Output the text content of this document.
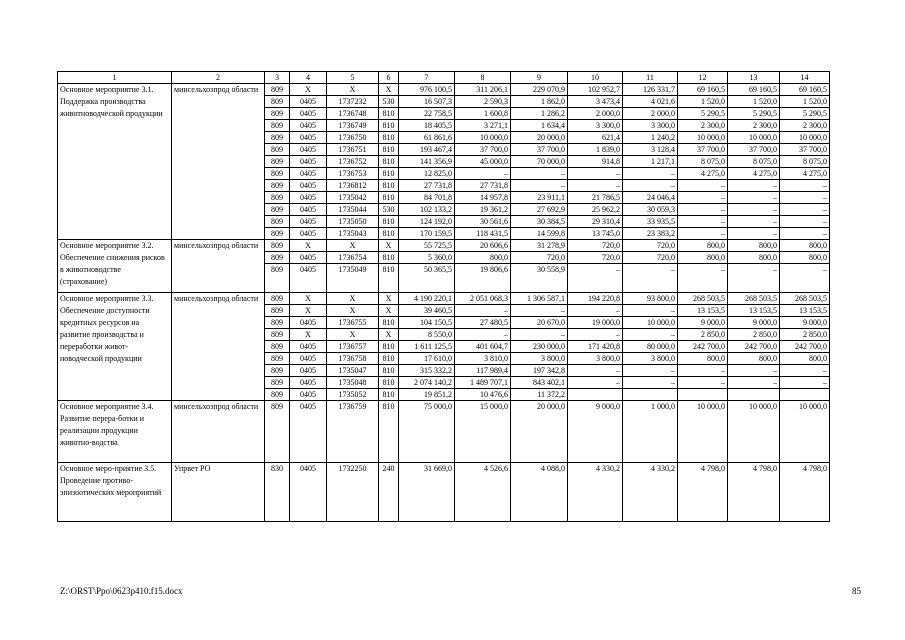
1	2	3	4	5	6	7	8	9	10	11	12	13	14
Основное мероприятие 3.1. Поддержка производства животноводческой продукции	минсельхозпрод области	809	X	X	X	976 100,5	311 206,1	229 070,9	102 952,7	126 331,7	69 160,5	69 160,5	69 160,5
		809	0405	1737232	530	16 507,3	2 590,3	1 862,0	3 473,4	4 021,6	1 520,0	1 520,0	1 520,0
		809	0405	1736748	810	22 758,5	1 600,8	1 286,2	2 000,0	2 000,0	5 290,5	5 290,5	5 290,5
		809	0405	1736749	810	18 405,5	3 271,1	1 634,4	3 300,0	3 300,0	2 300,0	2 300,0	2 300,0
		809	0405	1736750	810	61 861,6	10 000,0	20 000,0	621,4	1 240,2	10 000,0	10 000,0	10 000,0
		809	0405	1736751	810	193 467,4	37 700,0	37 700,0	1 839,0	3 128,4	37 700,0	37 700,0	37 700,0
		809	0405	1736752	810	141 356,9	45 000,0	70 000,0	914,8	1 217,1	8 075,0	8 075,0	8 075,0
		809	0405	1736753	810	12 825,0	–	–	–	–	4 275,0	4 275,0	4 275,0
		809	0405	1736812	810	27 731,8	27 731,8	–	–	–	–	–	–
		809	0405	1735042	810	84 701,8	14 957,8	23 911,1	21 786,5	24 046,4	–	–	–
		809	0405	1735044	530	102 133,2	19 361,2	27 692,9	25 962,2	30 059,3	–	–	–
		809	0405	1735050	810	124 192,0	30 561,6	30 384,5	29 310,4	33 935,5	–	–	–
		809	0405	1735043	810	170 159,5	118 431,5	14 599,8	13 745,0	23 383,2	–	–	–
Основное мероприятие 3.2. Обеспечение снижения рисков в животноводстве (страхование)	минсельхозпрод области	809	X	X	X	55 725,5	20 606,6	31 278,9	720,0	720,0	800,0	800,0	800,0
		809	0405	1736754	810	5 360,0	800,0	720,0	720,0	720,0	800,0	800,0	800,0
		809	0405	1735049	810	50 365,5	19 806,6	30 558,9	–	–	–	–	–
Основное мероприятие 3.3. Обеспечение доступности кредитных ресурсов на развитие производства и переработки живот-новодческой продукции	минсельхозпрод области	809	X	X	X	4 190 220,1	2 051 068,3	1 306 587,1	194 220,8	93 800,0	268 503,5	268 503,5	268 503,5
		809	X	X	X	39 460,5	–	–	–	–	13 153,5	13 153,5	13 153,5
		809	0405	1736755	810	104 150,5	27 480,5	20 670,0	19 000,0	10 000,0	9 000,0	9 000,0	9 000,0
		809	X	X	X	8 550,0	–	–	–	–	2 850,0	2 850,0	2 850,0
		809	0405	1736757	810	1 611 125,5	401 604,7	230 000,0	171 420,8	80 000,0	242 700,0	242 700,0	242 700,0
		809	0405	1736758	810	17 610,0	3 810,0	3 800,0	3 800,0	3 800,0	800,0	800,0	800,0
		809	0405	1735047	810	315 332,2	117 989,4	197 342,8	–	–	–	–	–
		809	0405	1735048	810	2 074 140,2	1 489 707,1	843 402,1	–	–	–	–	–
		809	0405	1735052	810	19 851,2	10 476,6	11 372,2					
Основное мероприятие 3.4. Развитие перера-ботки и реализации продукции животно-водства	минсельхозпрод области	809	0405	1736759	810	75 000,0	15 000,0	20 000,0	9 000,0	1 000,0	10 000,0	10 000,0	10 000,0
Основное меро-приятие 3.5. Проведение противо-эпизоотических мероприятий	Упрвет РО	830	0405	1732250	240	31 669,0	4 526,6	4 088,0	4 330,2	4 330,2	4 798,0	4 798,0	4 798,0
Z:\ORST\Ppo\0623p410.f15.docx	85
